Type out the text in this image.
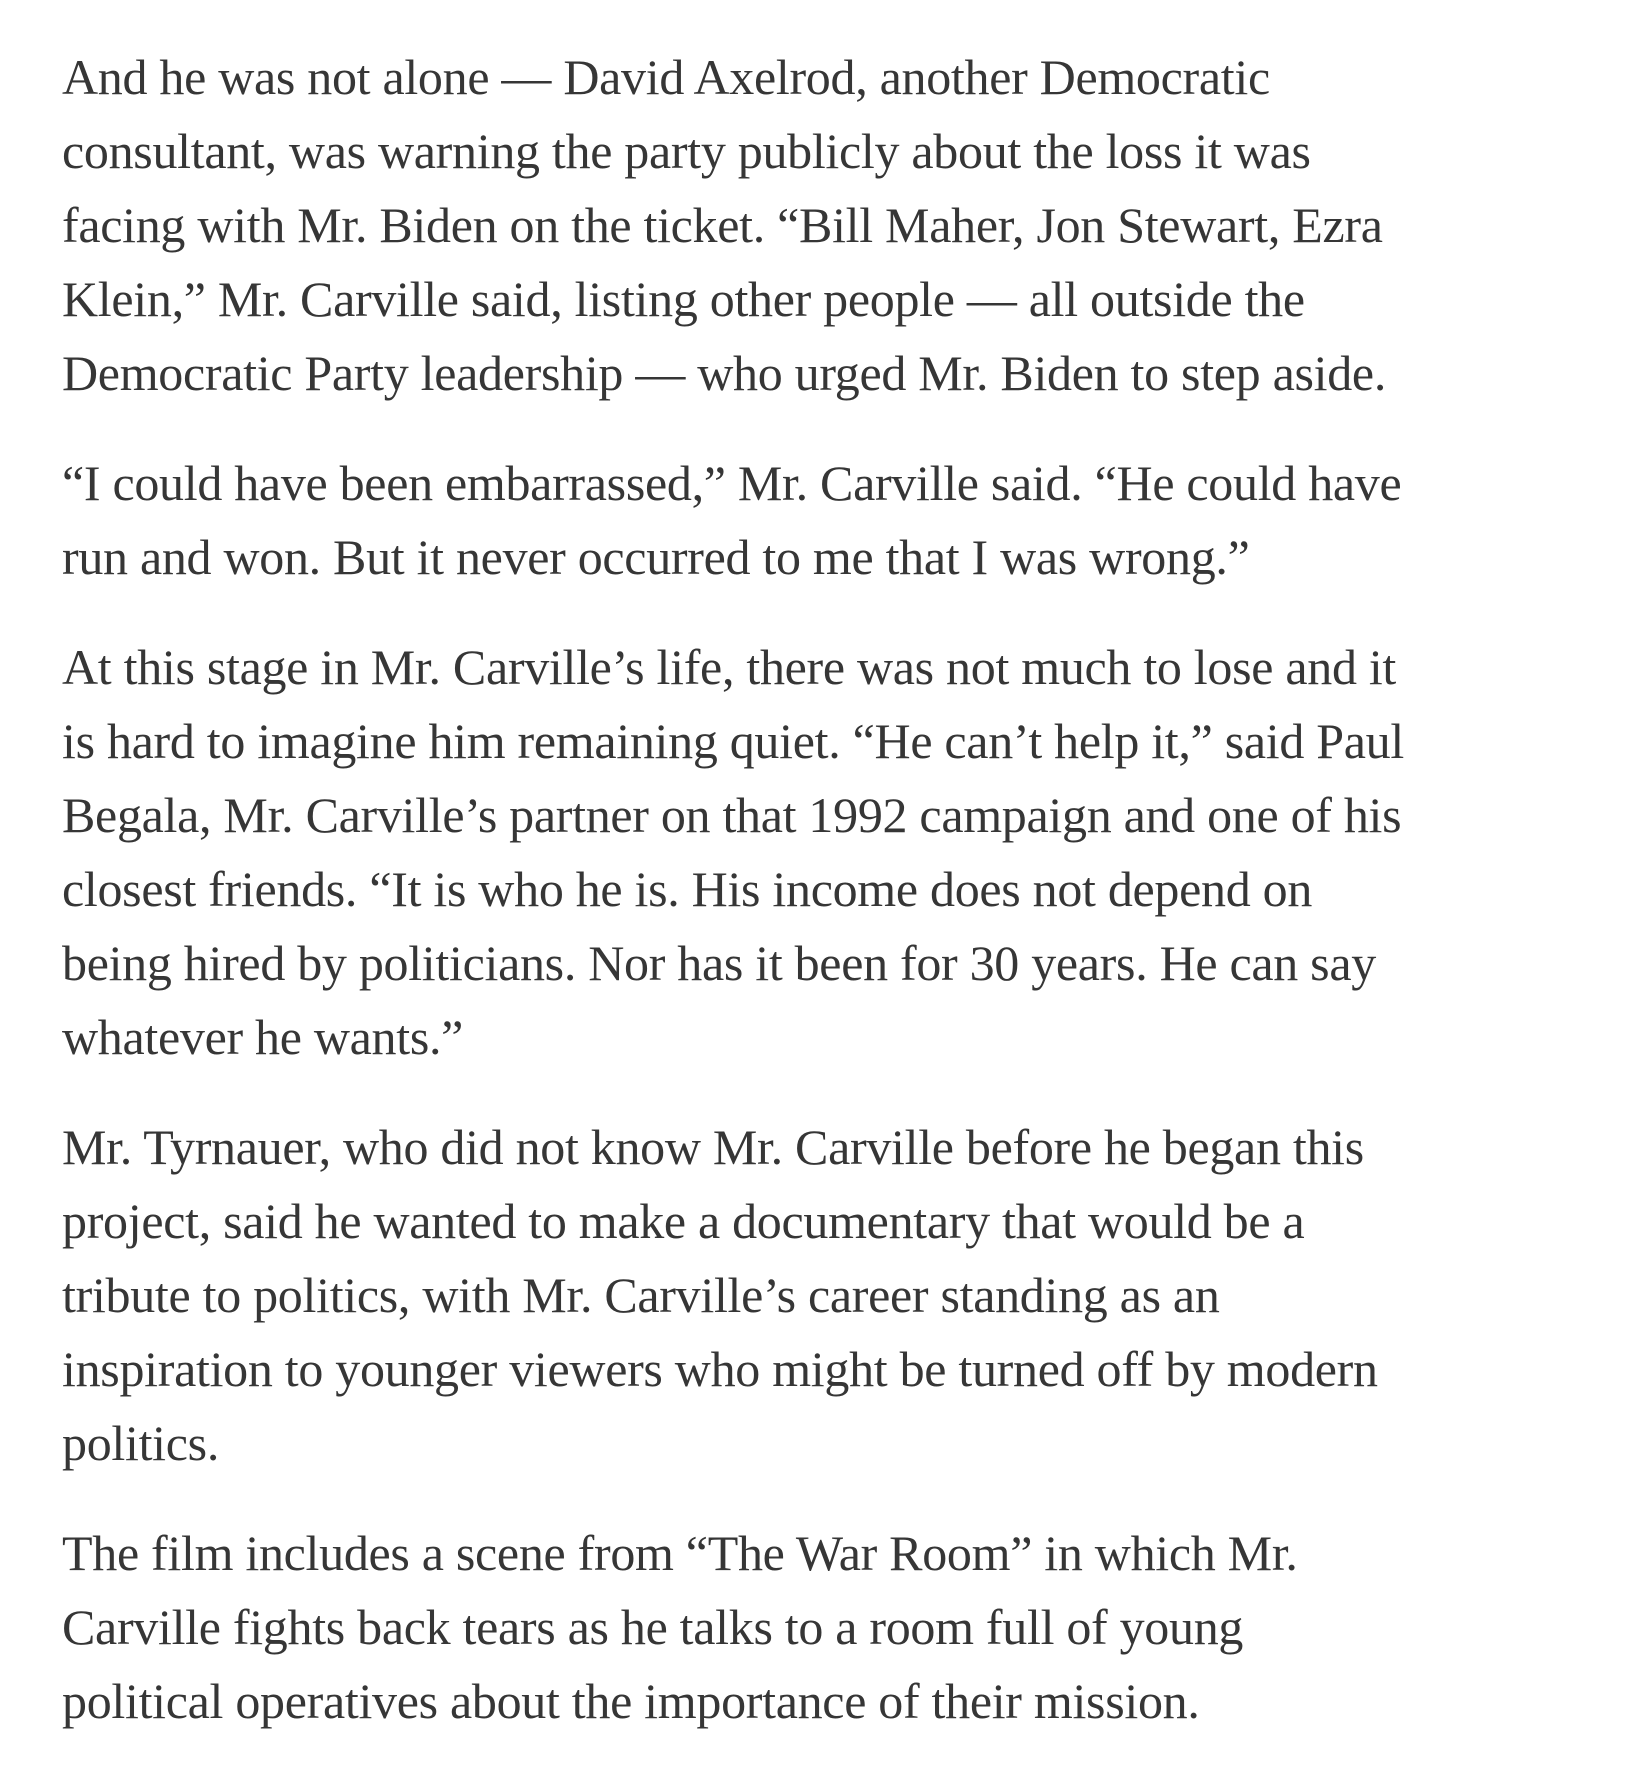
And he was not alone — David Axelrod, another Democratic
consultant, was warning the party publicly about the loss it was
facing with Mr. Biden on the ticket. “Bill Maher, Jon Stewart, Ezra
Klein,” Mr. Carville said, listing other people — all outside the
Democratic Party leadership — who urged Mr. Biden to step aside.

“I could have been embarrassed,” Mr. Carville said. “He could have
run and won. But it never occurred to me that I was wrong.”

At this stage in Mr. Carville’s life, there was not much to lose and it
is hard to imagine him remaining quiet. “He can’t help it,” said Paul
Begala, Mr. Carville’s partner on that 1992 campaign and one of his
closest friends. “It is who he is. His income does not depend on
being hired by politicians. Nor has it been for 30 years. He can say
whatever he wants.”

Mr. Tyrnauer, who did not know Mr. Carville before he began this
project, said he wanted to make a documentary that would be a
tribute to politics, with Mr. Carville’s career standing as an
inspiration to younger viewers who might be turned off by modern
politics.

The film includes a scene from “The War Room” in which Mr.
Carville fights back tears as he talks to a room full of young
political operatives about the importance of their mission.
